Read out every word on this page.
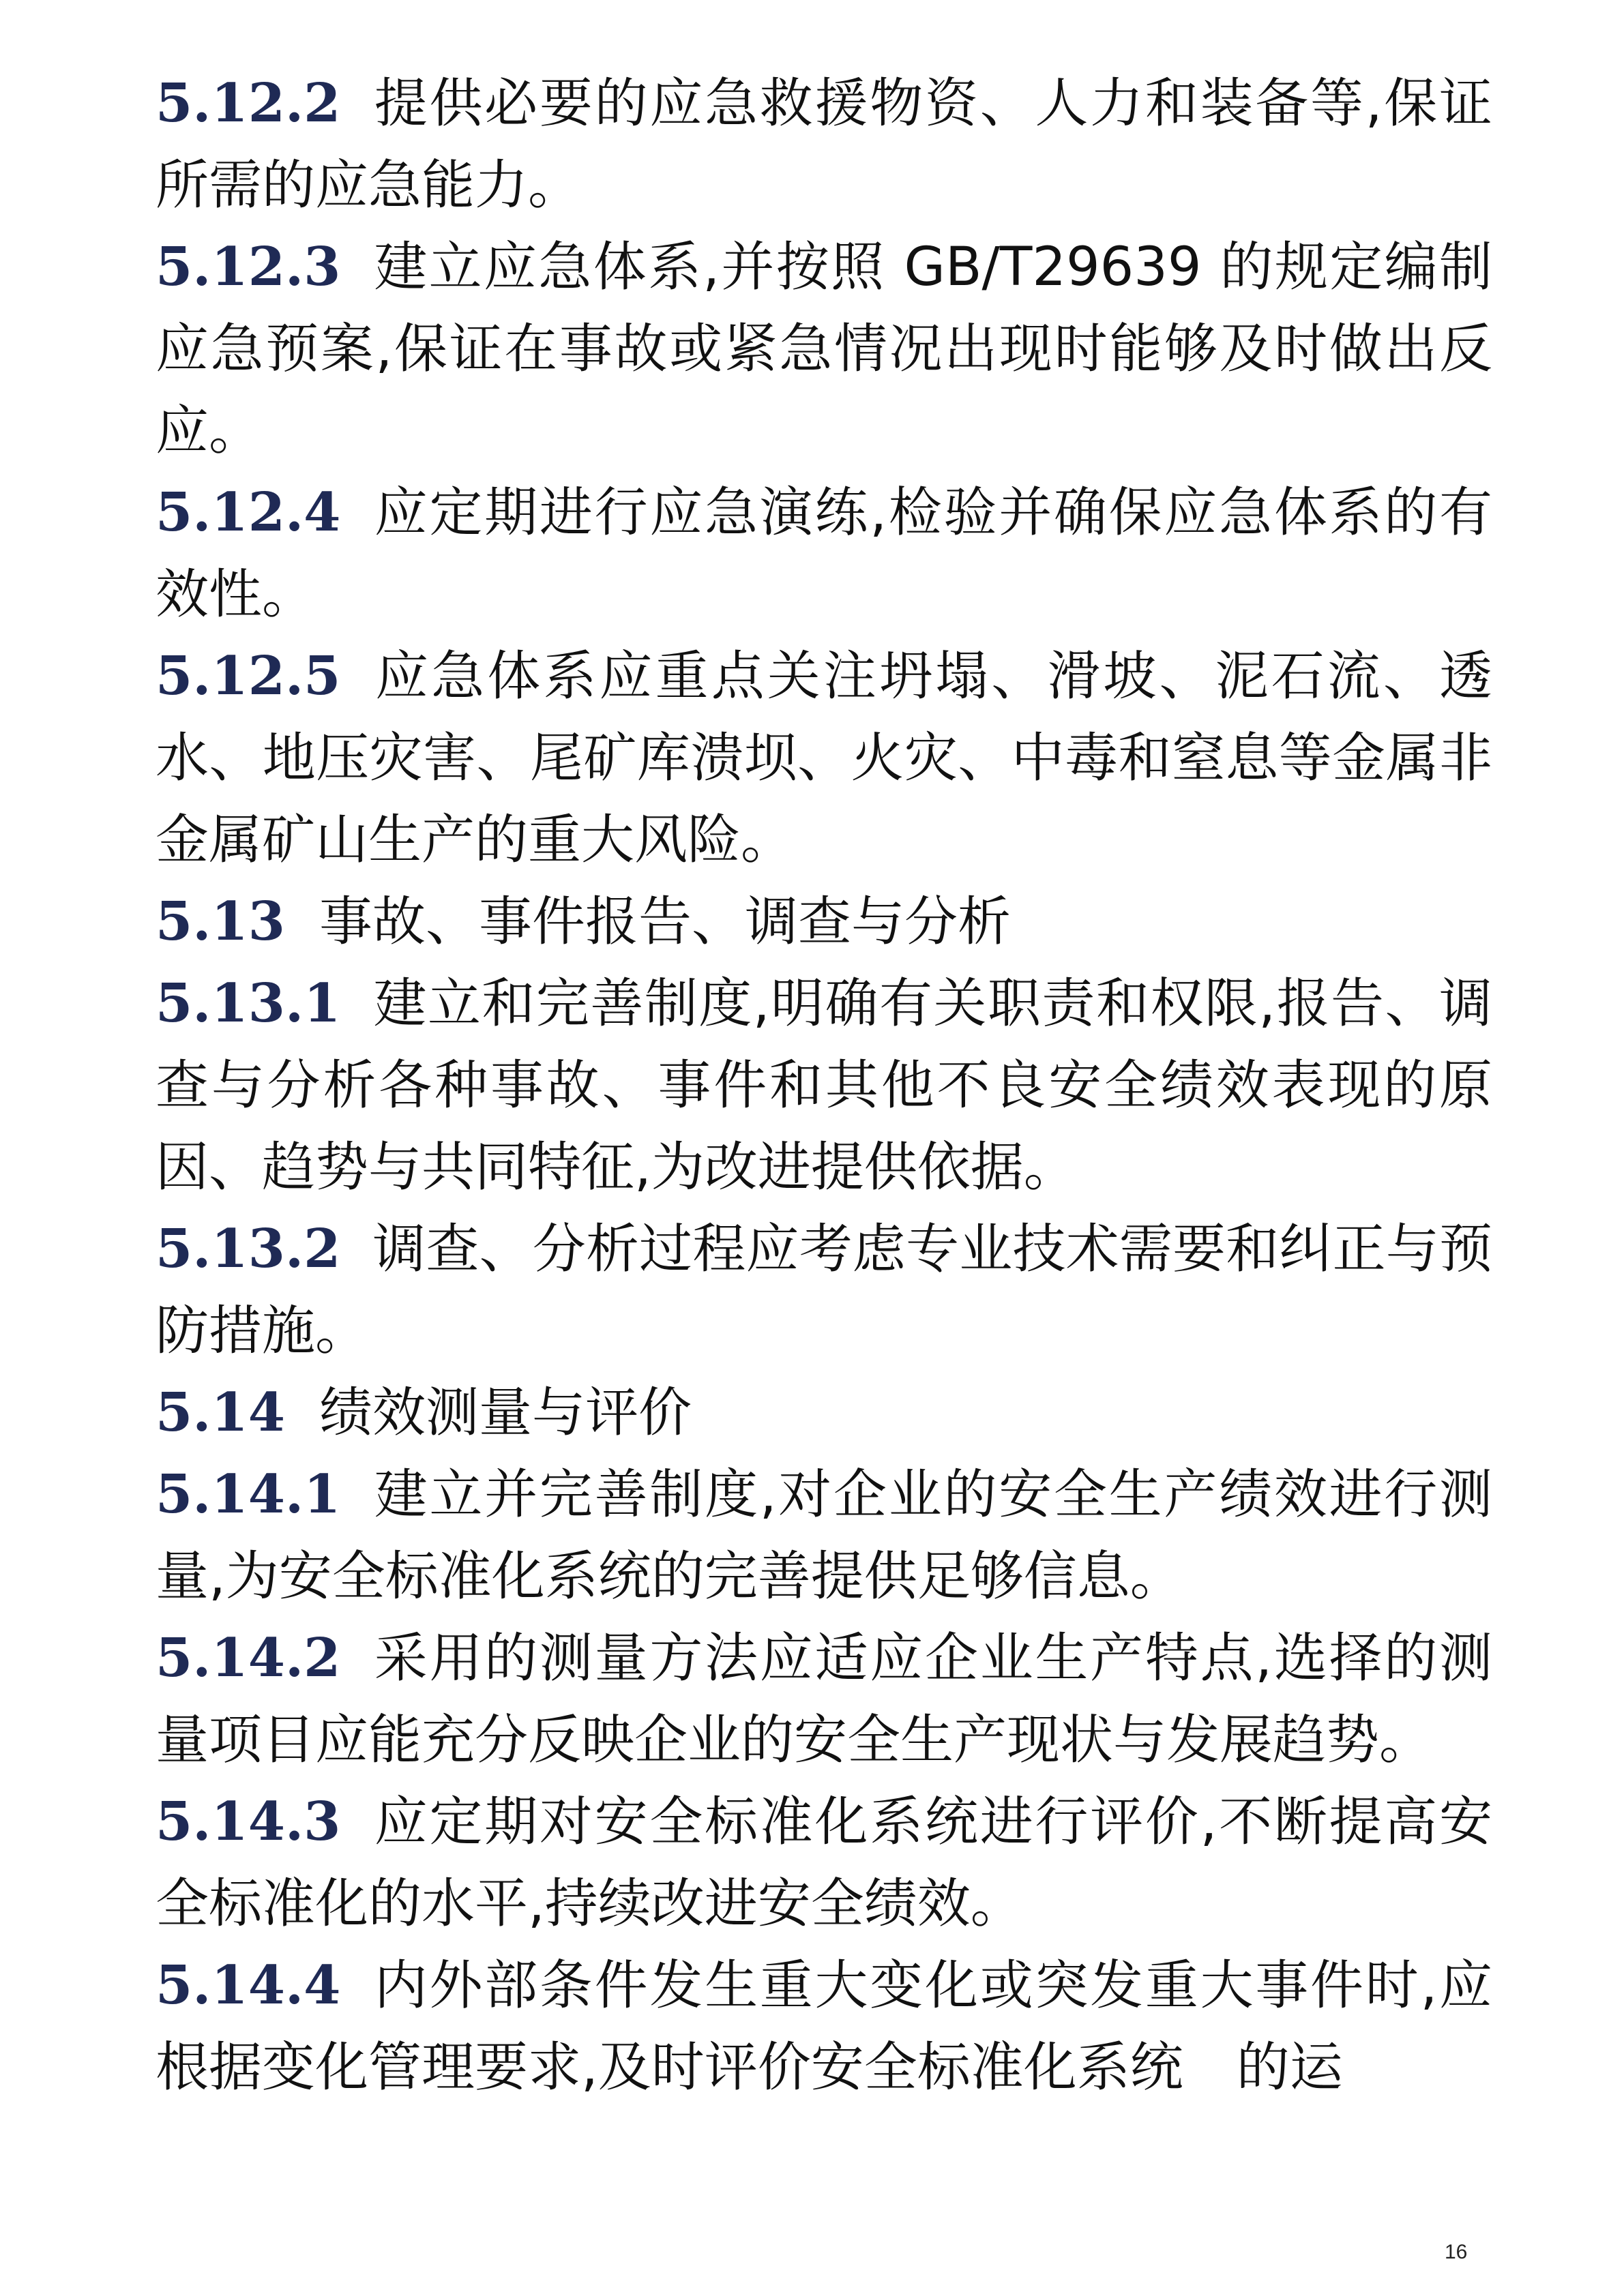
5.12.2 提供必要的应急救援物资、人力和装备等,保证所需的应急能力。

5.12.3 建立应急体系,并按照 GB/T29639 的规定编制应急预案,保证在事故或紧急情况出现时能够及时做出反应。

5.12.4 应定期进行应急演练,检验并确保应急体系的有效性。

5.12.5 应急体系应重点关注坍塌、滑坡、泥石流、透水、地压灾害、尾矿库溃坝、火灾、中毒和窒息等金属非金属矿山生产的重大风险。

5.13 事故、事件报告、调查与分析

5.13.1 建立和完善制度,明确有关职责和权限,报告、调查与分析各种事故、事件和其他不良安全绩效表现的原因、趋势与共同特征,为改进提供依据。

5.13.2 调查、分析过程应考虑专业技术需要和纠正与预防措施。

5.14 绩效测量与评价

5.14.1 建立并完善制度,对企业的安全生产绩效进行测量,为安全标准化系统的完善提供足够信息。

5.14.2 采用的测量方法应适应企业生产特点,选择的测量项目应能充分反映企业的安全生产现状与发展趋势。

5.14.3 应定期对安全标准化系统进行评价,不断提高安全标准化的水平,持续改进安全绩效。

5.14.4 内外部条件发生重大变化或突发重大事件时,应根据变化管理要求,及时评价安全标准化系统　的运

16
